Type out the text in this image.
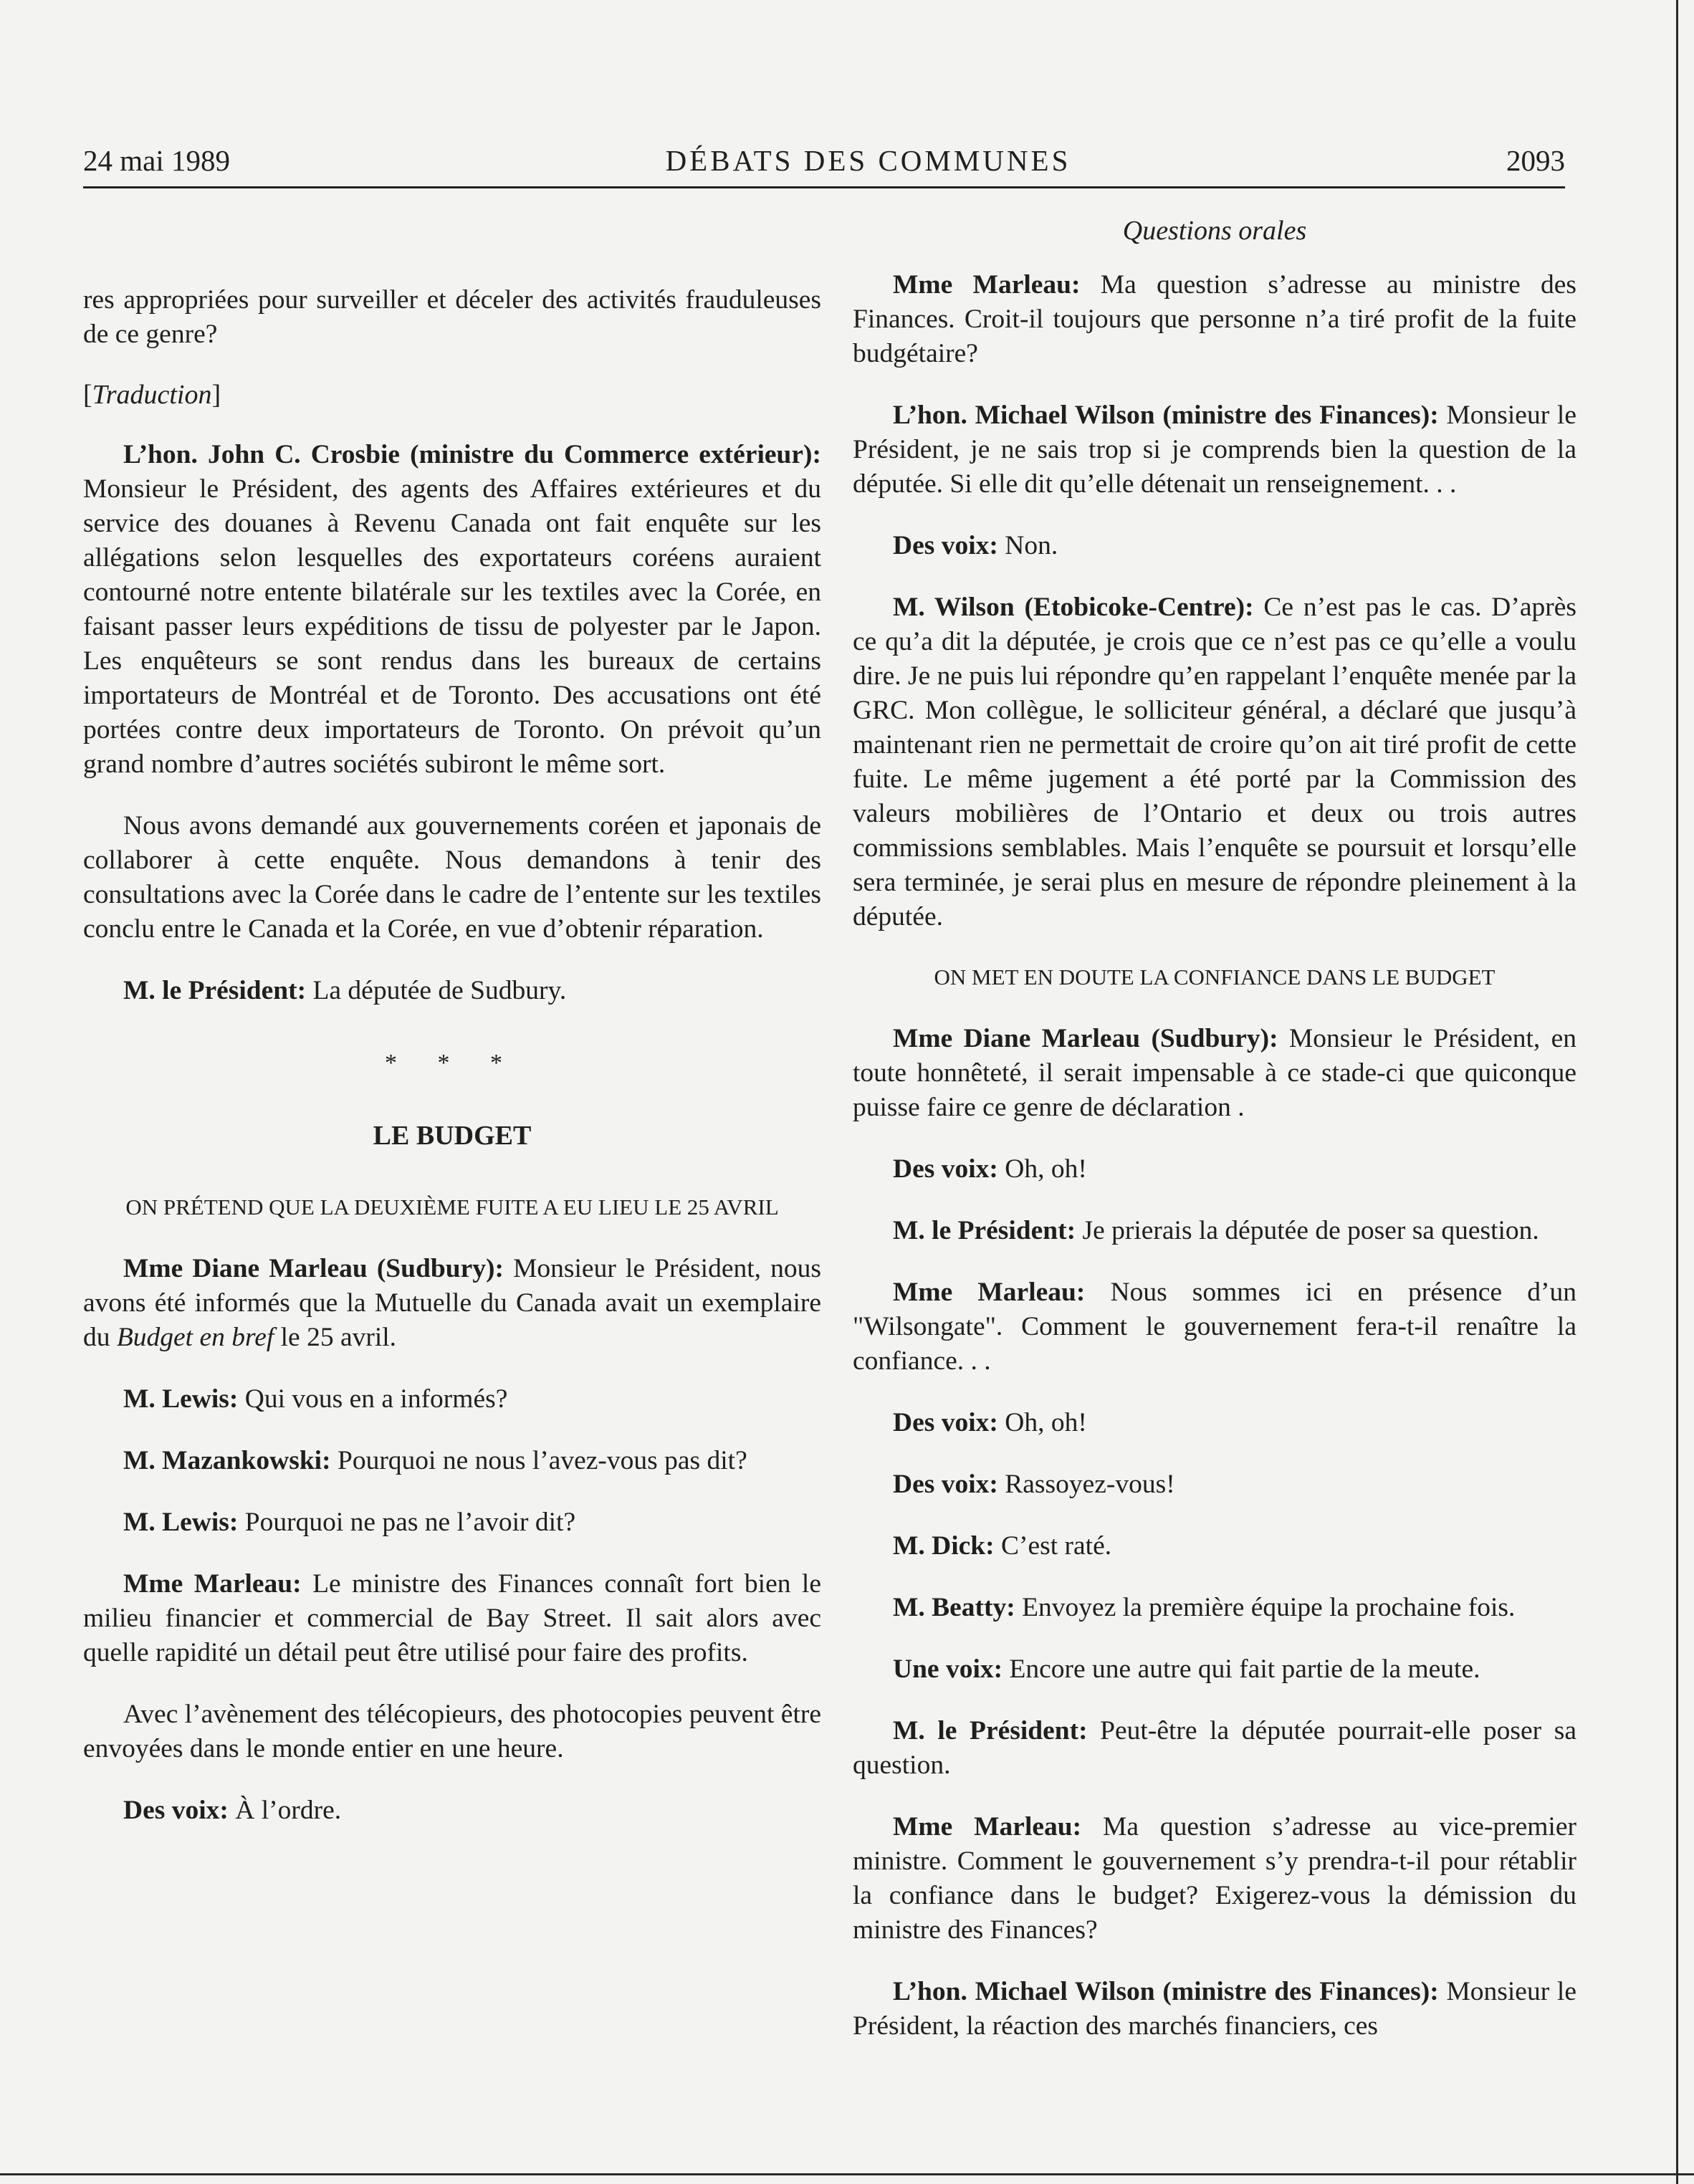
24 mai 1989	DÉBATS DES COMMUNES	2093

res appropriées pour surveiller et déceler des activités frauduleuses de ce genre?

[Traduction]

L’hon. John C. Crosbie (ministre du Commerce extérieur): Monsieur le Président, des agents des Affaires extérieures et du service des douanes à Revenu Canada ont fait enquête sur les allégations selon lesquelles des exportateurs coréens auraient contourné notre entente bilatérale sur les textiles avec la Corée, en faisant passer leurs expéditions de tissu de polyester par le Japon. Les enquêteurs se sont rendus dans les bureaux de certains importateurs de Montréal et de Toronto. Des accusations ont été portées contre deux importateurs de Toronto. On prévoit qu’un grand nombre d’autres sociétés subiront le même sort.

Nous avons demandé aux gouvernements coréen et japonais de collaborer à cette enquête. Nous demandons à tenir des consultations avec la Corée dans le cadre de l’entente sur les textiles conclu entre le Canada et la Corée, en vue d’obtenir réparation.

M. le Président: La députée de Sudbury.

* * *
LE BUDGET
ON PRÉTEND QUE LA DEUXIÈME FUITE A EU LIEU LE 25 AVRIL

Mme Diane Marleau (Sudbury): Monsieur le Président, nous avons été informés que la Mutuelle du Canada avait un exemplaire du Budget en bref le 25 avril.

M. Lewis: Qui vous en a informés?

M. Mazankowski: Pourquoi ne nous l’avez-vous pas dit?

M. Lewis: Pourquoi ne pas ne l’avoir dit?

Mme Marleau: Le ministre des Finances connaît fort bien le milieu financier et commercial de Bay Street. Il sait alors avec quelle rapidité un détail peut être utilisé pour faire des profits.

Avec l’avènement des télécopieurs, des photocopies peuvent être envoyées dans le monde entier en une heure.

Des voix: À l’ordre.

Questions orales

Mme Marleau: Ma question s’adresse au ministre des Finances. Croit-il toujours que personne n’a tiré profit de la fuite budgétaire?

L’hon. Michael Wilson (ministre des Finances): Monsieur le Président, je ne sais trop si je comprends bien la question de la députée. Si elle dit qu’elle détenait un renseignement. . .

Des voix: Non.

M. Wilson (Etobicoke-Centre): Ce n’est pas le cas. D’après ce qu’a dit la députée, je crois que ce n’est pas ce qu’elle a voulu dire. Je ne puis lui répondre qu’en rappelant l’enquête menée par la GRC. Mon collègue, le solliciteur général, a déclaré que jusqu’à maintenant rien ne permettait de croire qu’on ait tiré profit de cette fuite. Le même jugement a été porté par la Commission des valeurs mobilières de l’Ontario et deux ou trois autres commissions semblables. Mais l’enquête se poursuit et lorsqu’elle sera terminée, je serai plus en mesure de répondre pleinement à la députée.

ON MET EN DOUTE LA CONFIANCE DANS LE BUDGET

Mme Diane Marleau (Sudbury): Monsieur le Président, en toute honnêteté, il serait impensable à ce stade-ci que quiconque puisse faire ce genre de déclaration .

Des voix: Oh, oh!

M. le Président: Je prierais la députée de poser sa question.

Mme Marleau: Nous sommes ici en présence d’un "Wilsongate". Comment le gouvernement fera-t-il renaître la confiance. . .

Des voix: Oh, oh!

Des voix: Rassoyez-vous!

M. Dick: C’est raté.

M. Beatty: Envoyez la première équipe la prochaine fois.

Une voix: Encore une autre qui fait partie de la meute.

M. le Président: Peut-être la députée pourrait-elle poser sa question.

Mme Marleau: Ma question s’adresse au vice-premier ministre. Comment le gouvernement s’y prendra-t-il pour rétablir la confiance dans le budget? Exigerez-vous la démission du ministre des Finances?

L’hon. Michael Wilson (ministre des Finances): Monsieur le Président, la réaction des marchés financiers, ces
